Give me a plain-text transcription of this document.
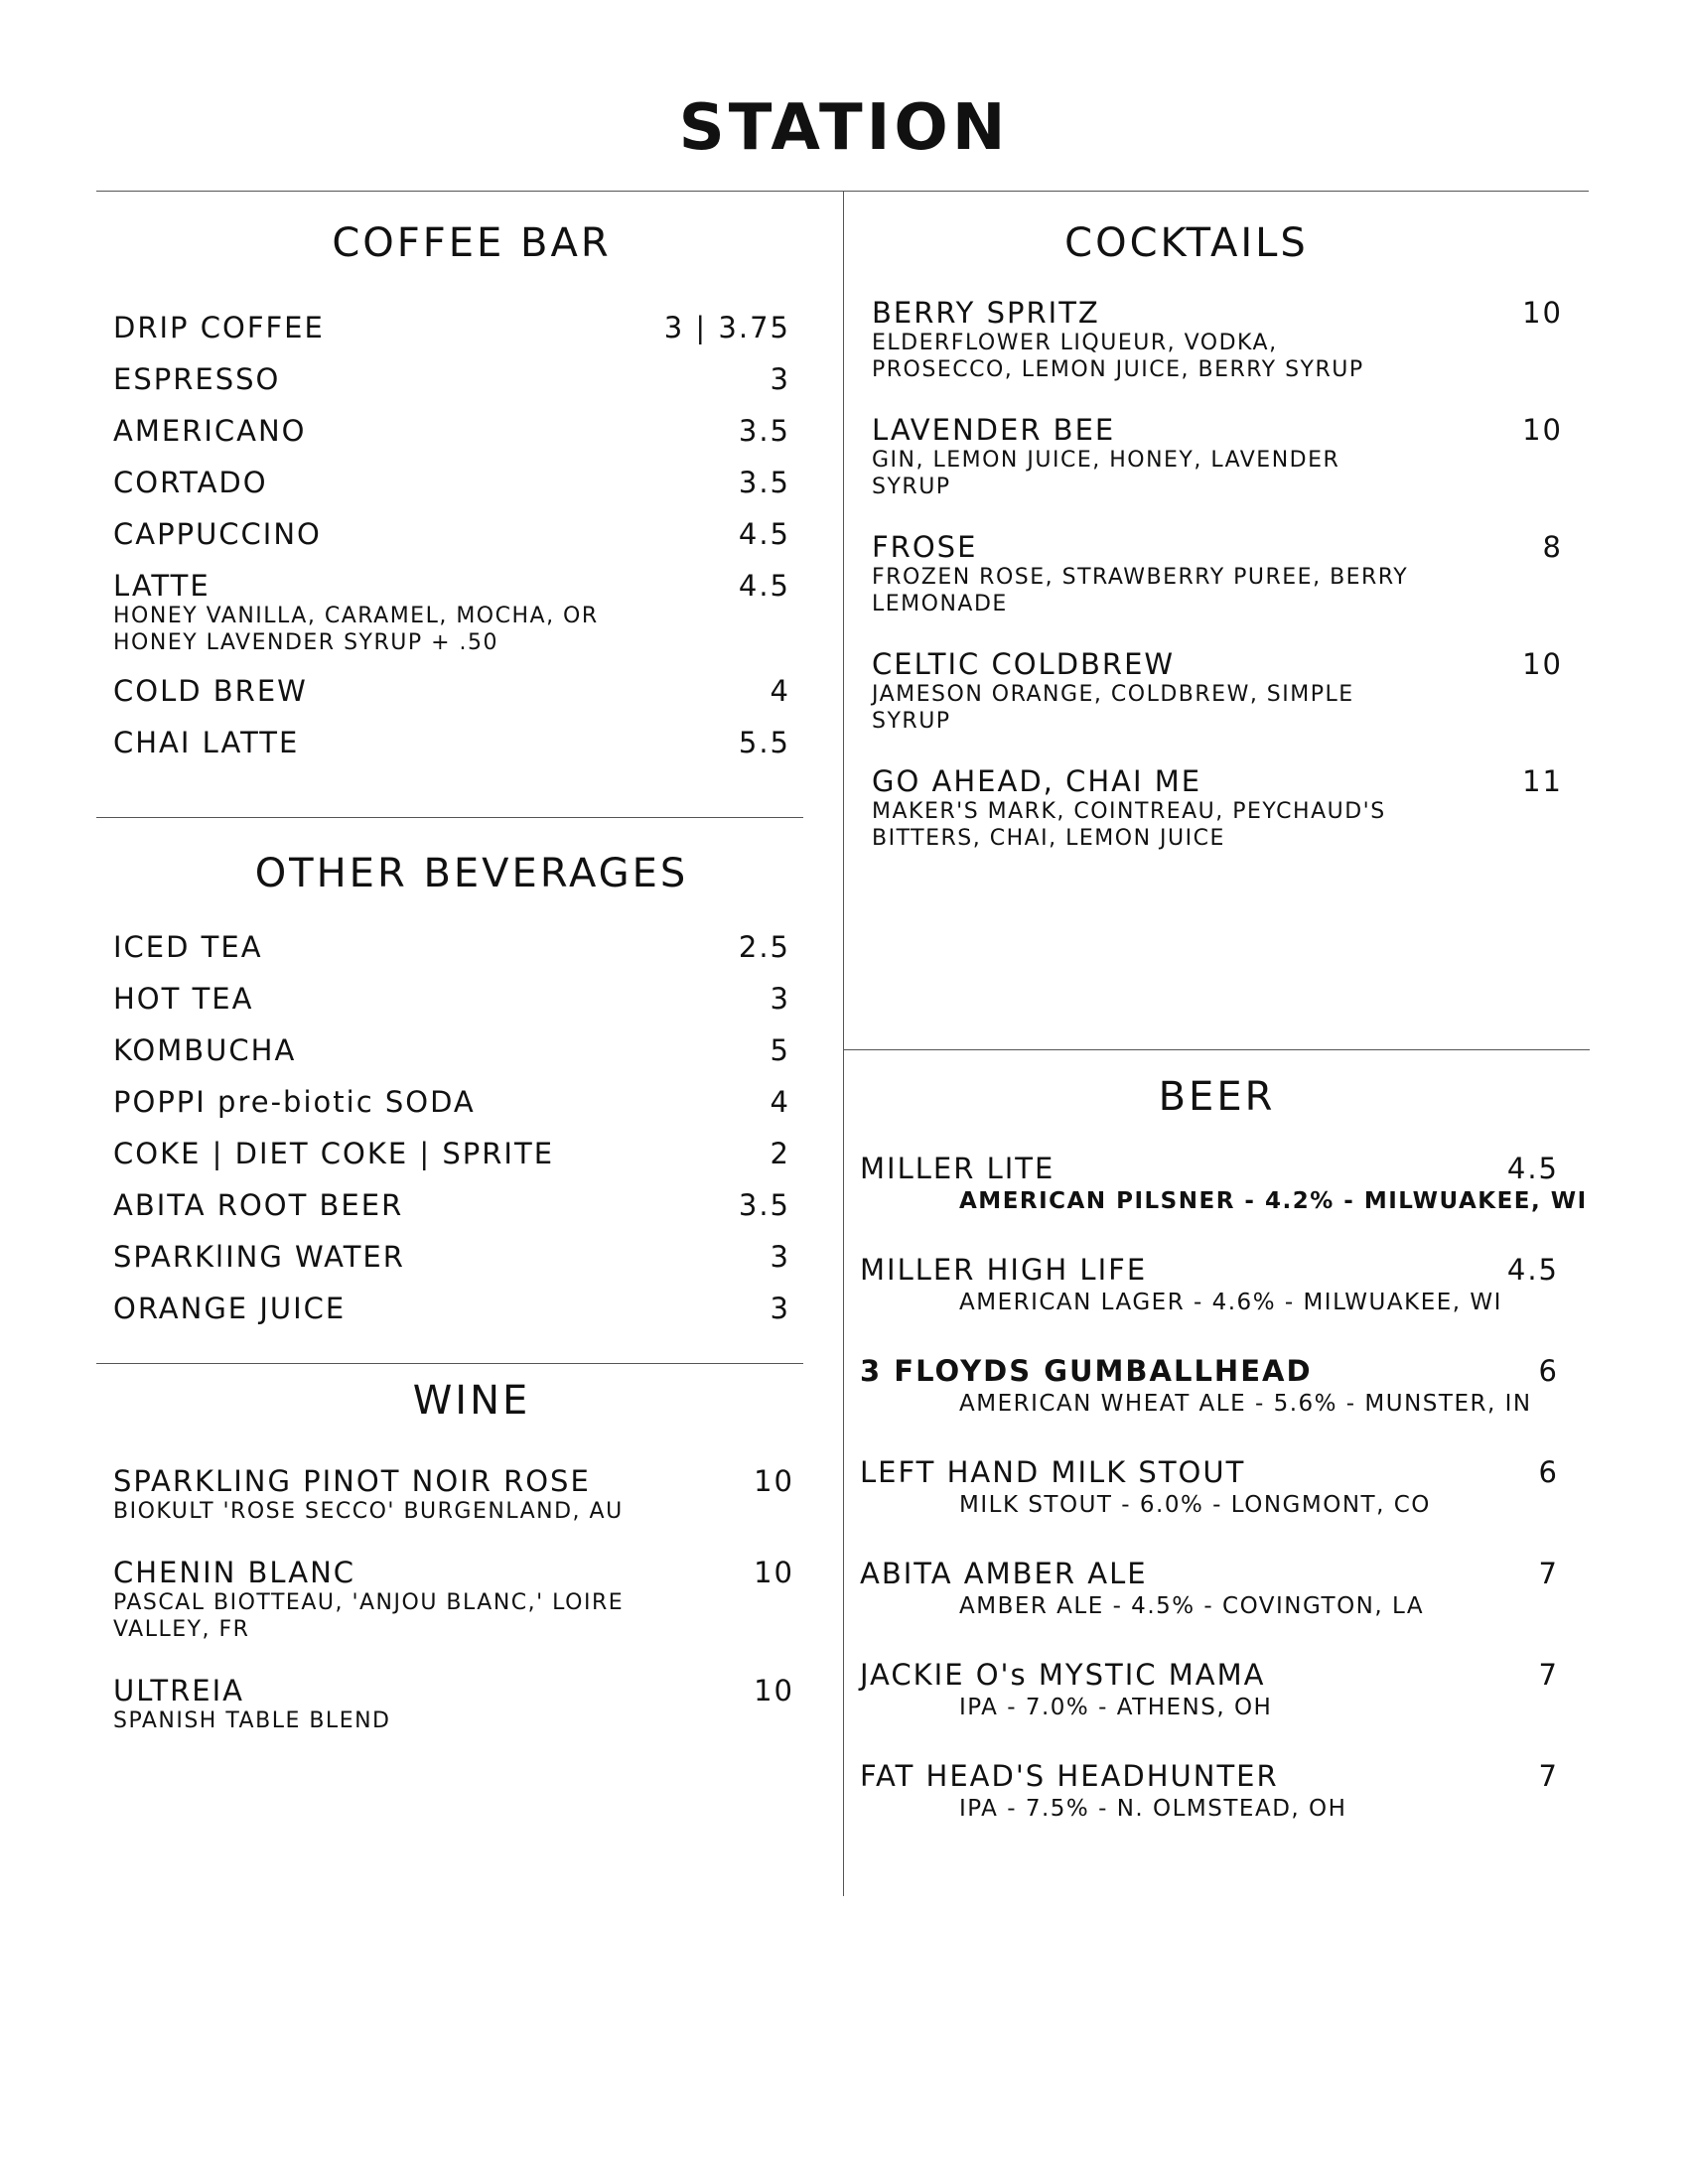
STATION
COFFEE BAR
DRIP COFFEE	3 | 3.75
ESPRESSO	3
AMERICANO	3.5
CORTADO	3.5
CAPPUCCINO	4.5
LATTE	4.5
HONEY VANILLA, CARAMEL, MOCHA, OR HONEY LAVENDER SYRUP + .50
COLD BREW	4
CHAI LATTE	5.5
OTHER BEVERAGES
ICED TEA	2.5
HOT TEA	3
KOMBUCHA	5
POPPI pre-biotic SODA	4
COKE | DIET COKE | SPRITE	2
ABITA ROOT BEER	3.5
SPARKlING WATER	3
ORANGE JUICE	3
WINE
SPARKLING PINOT NOIR ROSE	10
BIOKULT 'ROSE SECCO' BURGENLAND, AU
CHENIN BLANC	10
PASCAL BIOTTEAU, 'ANJOU BLANC,' LOIRE VALLEY, FR
ULTREIA	10
SPANISH TABLE BLEND
COCKTAILS
BERRY SPRITZ	10
ELDERFLOWER LIQUEUR, VODKA, PROSECCO, LEMON JUICE, BERRY SYRUP
LAVENDER BEE	10
GIN, LEMON JUICE, HONEY, LAVENDER SYRUP
FROSE	8
FROZEN ROSE, STRAWBERRY PUREE, BERRY LEMONADE
CELTIC COLDBREW	10
JAMESON ORANGE, COLDBREW, SIMPLE SYRUP
GO AHEAD, CHAI ME	11
MAKER'S MARK, COINTREAU, PEYCHAUD'S BITTERS, CHAI, LEMON JUICE
BEER
MILLER LITE	4.5
AMERICAN PILSNER - 4.2% - MILWUAKEE, WI
MILLER HIGH LIFE	4.5
AMERICAN LAGER - 4.6% - MILWUAKEE, WI
3 FLOYDS GUMBALLHEAD	6
AMERICAN WHEAT ALE - 5.6% - MUNSTER, IN
LEFT HAND MILK STOUT	6
MILK STOUT - 6.0% - LONGMONT, CO
ABITA AMBER ALE	7
AMBER ALE - 4.5% - COVINGTON, LA
JACKIE O's MYSTIC MAMA	7
IPA - 7.0% - ATHENS, OH
FAT HEAD'S HEADHUNTER	7
IPA - 7.5% - N. OLMSTEAD, OH
